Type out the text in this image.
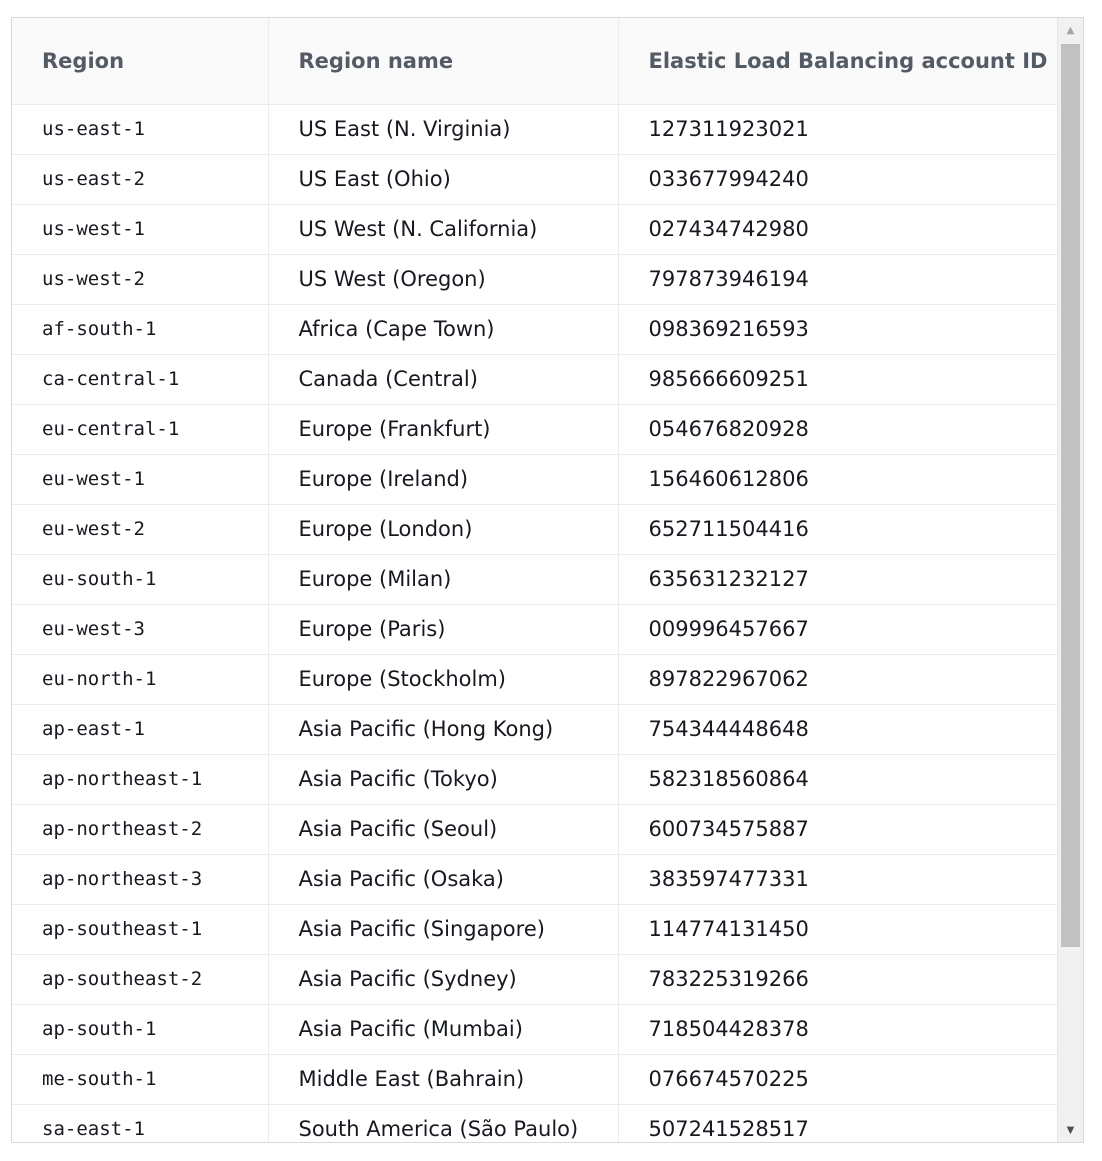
Region	Region name	Elastic Load Balancing account ID
us-east-1	US East (N. Virginia)	127311923021
us-east-2	US East (Ohio)	033677994240
us-west-1	US West (N. California)	027434742980
us-west-2	US West (Oregon)	797873946194
af-south-1	Africa (Cape Town)	098369216593
ca-central-1	Canada (Central)	985666609251
eu-central-1	Europe (Frankfurt)	054676820928
eu-west-1	Europe (Ireland)	156460612806
eu-west-2	Europe (London)	652711504416
eu-south-1	Europe (Milan)	635631232127
eu-west-3	Europe (Paris)	009996457667
eu-north-1	Europe (Stockholm)	897822967062
ap-east-1	Asia Pacific (Hong Kong)	754344448648
ap-northeast-1	Asia Pacific (Tokyo)	582318560864
ap-northeast-2	Asia Pacific (Seoul)	600734575887
ap-northeast-3	Asia Pacific (Osaka)	383597477331
ap-southeast-1	Asia Pacific (Singapore)	114774131450
ap-southeast-2	Asia Pacific (Sydney)	783225319266
ap-south-1	Asia Pacific (Mumbai)	718504428378
me-south-1	Middle East (Bahrain)	076674570225
sa-east-1	South America (São Paulo)	507241528517
▲
▼
